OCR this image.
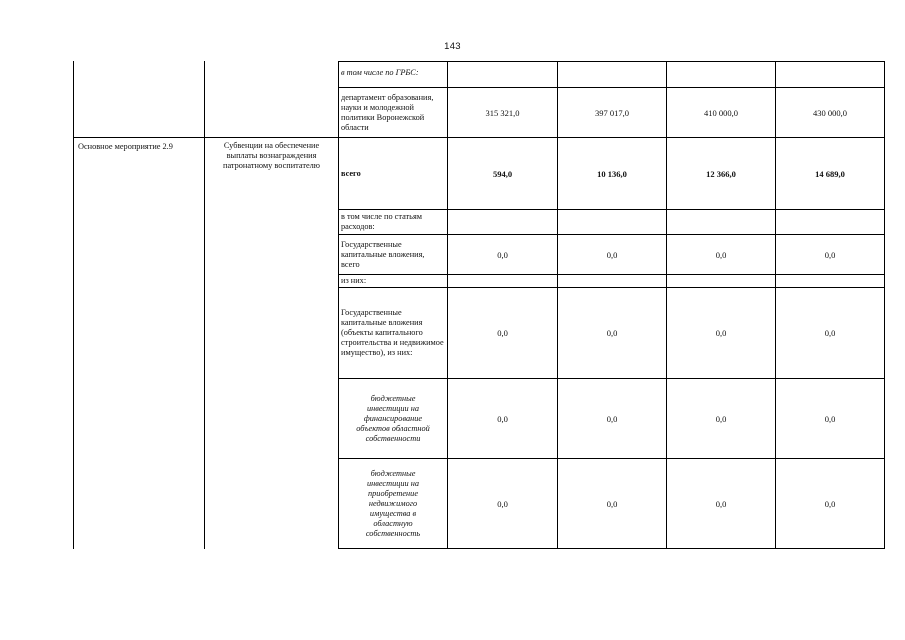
143
Основное мероприятие 2.9	Субвенции на обеспечение выплаты вознаграждения патронатному воспитателю
в том числе по ГРБС:				
департамент образования, науки и молодежной политики Воронежской области	315 321,0	397 017,0	410 000,0	430 000,0
всего	594,0	10 136,0	12 366,0	14 689,0
в том числе по статьям расходов:				
Государственные капитальные вложения, всего	0,0	0,0	0,0	0,0
из них:				
Государственные капитальные вложения (объекты капитального строительства и недвижимое имущество), из них:	0,0	0,0	0,0	0,0
бюджетные инвестиции на финансирование объектов областной собственности	0,0	0,0	0,0	0,0
бюджетные инвестиции на приобретение недвижимого имущества в областную собственность	0,0	0,0	0,0	0,0
